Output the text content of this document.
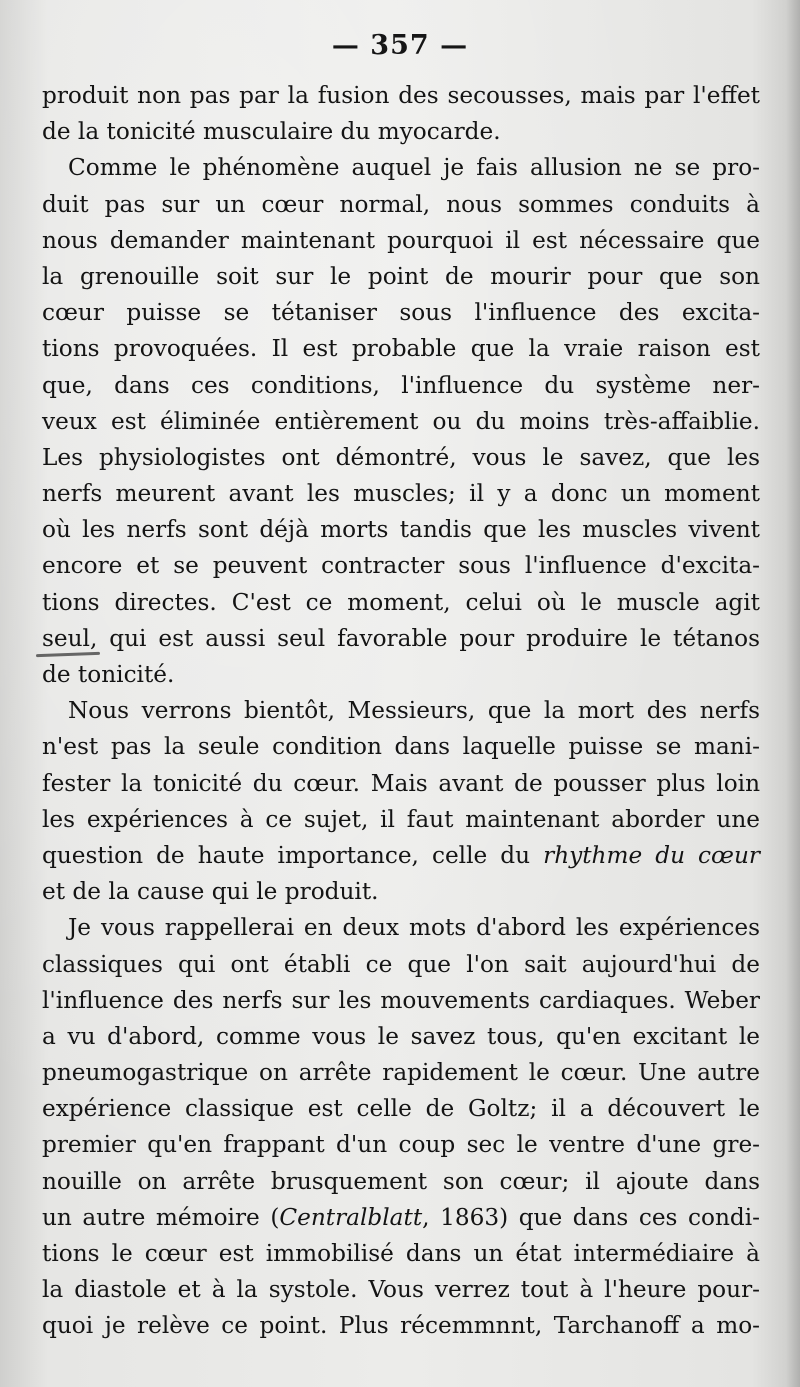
— 357 —
produit non pas par la fusion des secousses, mais par l'effet
de la tonicité musculaire du myocarde.
Comme le phénomène auquel je fais allusion ne se pro-
duit pas sur un cœur normal, nous sommes conduits à
nous demander maintenant pourquoi il est nécessaire que
la grenouille soit sur le point de mourir pour que son
cœur puisse se tétaniser sous l'influence des excita-
tions provoquées. Il est probable que la vraie raison est
que, dans ces conditions, l'influence du système ner-
veux est éliminée entièrement ou du moins très-affaiblie.
Les physiologistes ont démontré, vous le savez, que les
nerfs meurent avant les muscles; il y a donc un moment
où les nerfs sont déjà morts tandis que les muscles vivent
encore et se peuvent contracter sous l'influence d'excita-
tions directes. C'est ce moment, celui où le muscle agit
seul, qui est aussi seul favorable pour produire le tétanos
de tonicité.
Nous verrons bientôt, Messieurs, que la mort des nerfs
n'est pas la seule condition dans laquelle puisse se mani-
fester la tonicité du cœur. Mais avant de pousser plus loin
les expériences à ce sujet, il faut maintenant aborder une
question de haute importance, celle du rhythme du cœur
et de la cause qui le produit.
Je vous rappellerai en deux mots d'abord les expériences
classiques qui ont établi ce que l'on sait aujourd'hui de
l'influence des nerfs sur les mouvements cardiaques. Weber
a vu d'abord, comme vous le savez tous, qu'en excitant le
pneumogastrique on arrête rapidement le cœur. Une autre
expérience classique est celle de Goltz; il a découvert le
premier qu'en frappant d'un coup sec le ventre d'une gre-
nouille on arrête brusquement son cœur; il ajoute dans
un autre mémoire (Centralblatt, 1863) que dans ces condi-
tions le cœur est immobilisé dans un état intermédiaire à
la diastole et à la systole. Vous verrez tout à l'heure pour-
quoi je relève ce point. Plus récemmnnt, Tarchanoff a mo-
